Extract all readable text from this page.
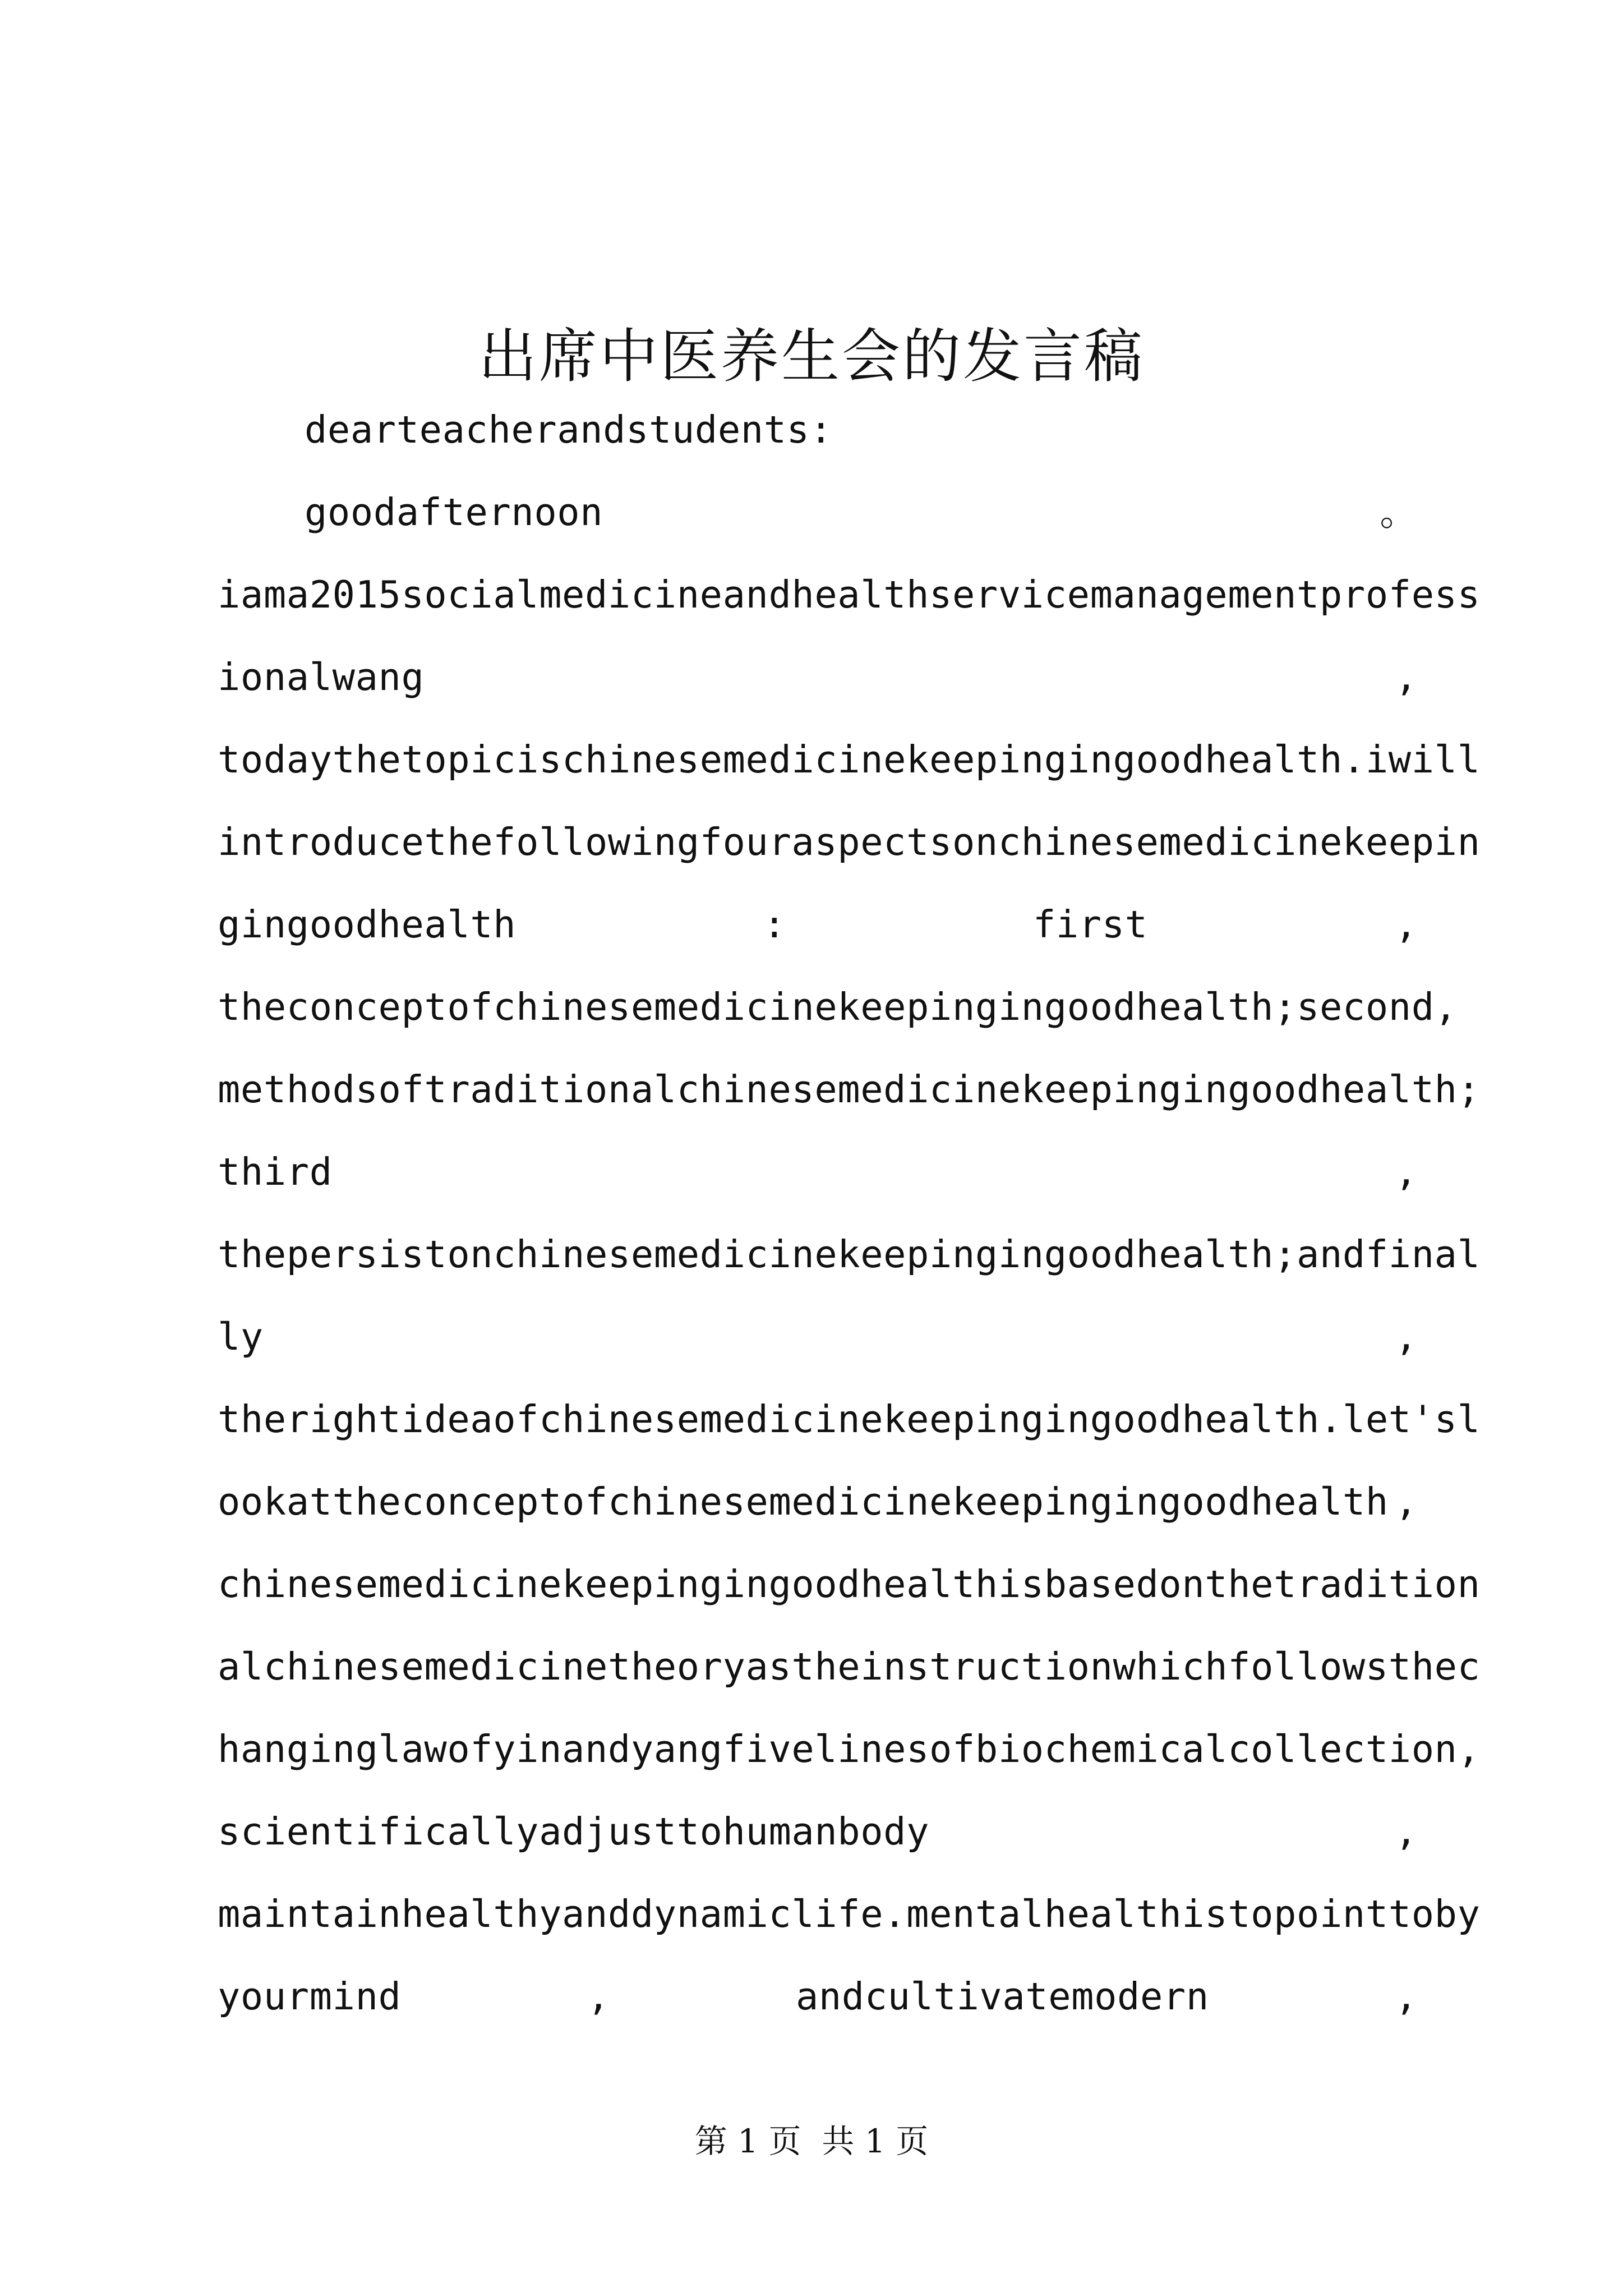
出席中医养生会的发言稿
dearteacherandstudents:
goodafternoon	。
iama2015socialmedicineandhealthservicemanagementprofess
ionalwang	,
todaythetopicischinesemedicinekeepingingoodhealth.iwill
introducethefollowingfouraspectsonchinesemedicinekeepin
gingoodhealth	:	first	,
theconceptofchinesemedicinekeepingingoodhealth;second,
methodsoftraditionalchinesemedicinekeepingingoodhealth;
third	,
thepersistonchinesemedicinekeepingingoodhealth;andfinal
ly	,
therightideaofchinesemedicinekeepingingoodhealth.let'sl
ookattheconceptofchinesemedicinekeepingingoodhealth ,
chinesemedicinekeepingingoodhealthisbasedonthetradition
alchinesemedicinetheoryastheinstructionwhichfollowsthec
hanginglawofyinandyangfivelinesofbiochemicalcollection,
scientificallyadjusttohumanbody	,
maintainhealthyanddynamiclife.mentalhealthistopointtoby
yourmind	,	andcultivatemodern	,
第 1 页  共 1 页
